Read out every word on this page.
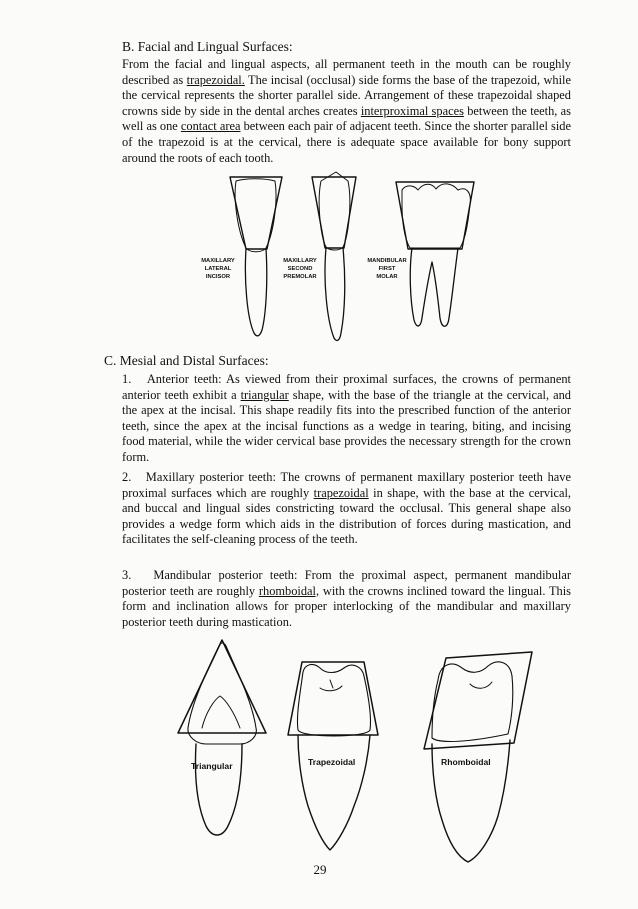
B. Facial and Lingual Surfaces:

From the facial and lingual aspects, all permanent teeth in the mouth can be roughly described as trapezoidal. The incisal (occlusal) side forms the base of the trapezoid, while the cervical represents the shorter parallel side. Arrangement of these trapezoidal shaped crowns side by side in the dental arches creates interproximal spaces between the teeth, as well as one contact area between each pair of adjacent teeth. Since the shorter parallel side of the trapezoid is at the cervical, there is adequate space available for bony support around the roots of each tooth.

MAXILLARY
LATERAL
INCISOR
MAXILLARY
SECOND
PREMOLAR
MANDIBULAR
FIRST
MOLAR
C. Mesial and Distal Surfaces:

1. Anterior teeth: As viewed from their proximal surfaces, the crowns of permanent anterior teeth exhibit a triangular shape, with the base of the triangle at the cervical, and the apex at the incisal. This shape readily fits into the prescribed function of the anterior teeth, since the apex at the incisal functions as a wedge in tearing, biting, and incising food material, while the wider cervical base provides the necessary strength for the crown form.

2. Maxillary posterior teeth: The crowns of permanent maxillary posterior teeth have proximal surfaces which are roughly trapezoidal in shape, with the base at the cervical, and buccal and lingual sides constricting toward the occlusal. This general shape also provides a wedge form which aids in the distribution of forces during mastication, and facilitates the self-cleaning process of the teeth.

3. Mandibular posterior teeth: From the proximal aspect, permanent mandibular posterior teeth are roughly rhomboidal, with the crowns inclined toward the lingual. This form and inclination allows for proper interlocking of the mandibular and maxillary posterior teeth during mastication.

Triangular	Trapezoidal	Rhomboidal
29
